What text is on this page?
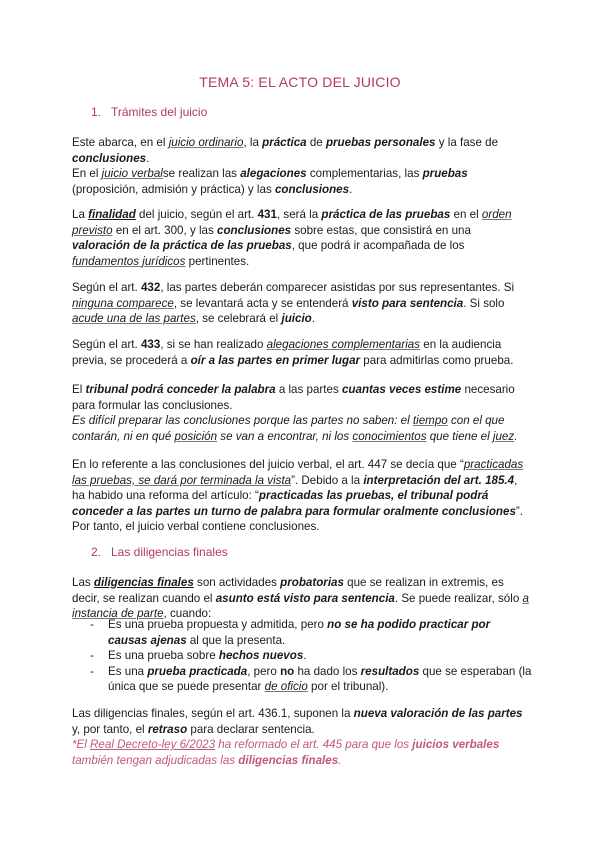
TEMA 5: EL ACTO DEL JUICIO
1. Trámites del juicio
Este abarca, en el juicio ordinario, la práctica de pruebas personales y la fase de conclusiones.
En el juicio verbalse realizan las alegaciones complementarias, las pruebas (proposición, admisión y práctica) y las conclusiones.
La finalidad del juicio, según el art. 431, será la práctica de las pruebas en el orden previsto en el art. 300, y las conclusiones sobre estas, que consistirá en una valoración de la práctica de las pruebas, que podrá ir acompañada de los fundamentos jurídicos pertinentes.
Según el art. 432, las partes deberán comparecer asistidas por sus representantes. Si ninguna comparece, se levantará acta y se entenderá visto para sentencia. Si solo acude una de las partes, se celebrará el juicio.
Según el art. 433, si se han realizado alegaciones complementarias en la audiencia previa, se procederá a oír a las partes en primer lugar para admitirlas como prueba.
El tribunal podrá conceder la palabra a las partes cuantas veces estime necesario para formular las conclusiones.
Es difícil preparar las conclusiones porque las partes no saben: el tiempo con el que contarán, ni en qué posición se van a encontrar, ni los conocimientos que tiene el juez.
En lo referente a las conclusiones del juicio verbal, el art. 447 se decía que “practicadas las pruebas, se dará por terminada la vista”. Debido a la interpretación del art. 185.4, ha habido una reforma del artículo: “practicadas las pruebas, el tribunal podrá conceder a las partes un turno de palabra para formular oralmente conclusiones”. Por tanto, el juicio verbal contiene conclusiones.
2. Las diligencias finales
Las diligencias finales son actividades probatorias que se realizan in extremis, es decir, se realizan cuando el asunto está visto para sentencia. Se puede realizar, sólo a instancia de parte, cuando:
- Es una prueba propuesta y admitida, pero no se ha podido practicar por causas ajenas al que la presenta.
- Es una prueba sobre hechos nuevos.
- Es una prueba practicada, pero no ha dado los resultados que se esperaban (la única que se puede presentar de oficio por el tribunal).
Las diligencias finales, según el art. 436.1, suponen la nueva valoración de las partes y, por tanto, el retraso para declarar sentencia.
*El Real Decreto-ley 6/2023 ha reformado el art. 445 para que los juicios verbales también tengan adjudicadas las diligencias finales.
